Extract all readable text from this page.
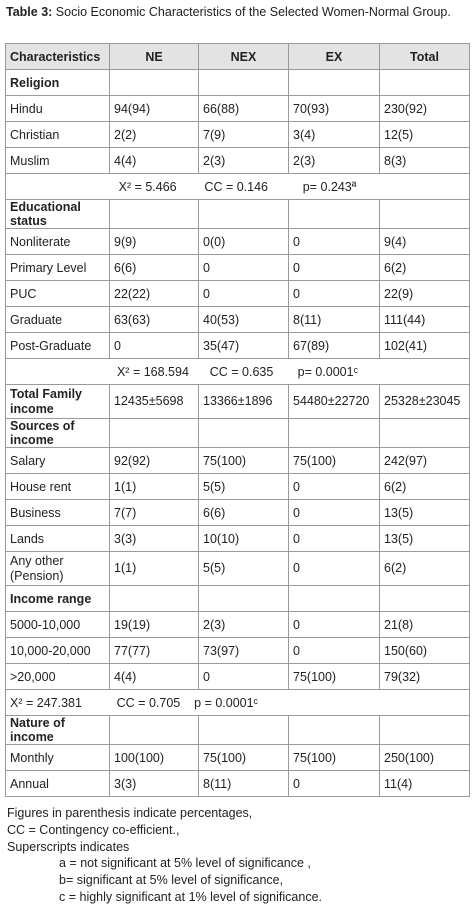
Table 3: Socio Economic Characteristics of the Selected Women-Normal Group.
Characteristics	NE	NEX	EX	Total
Religion				
Hindu	94(94)	66(88)	70(93)	230(92)
Christian	2(2)	7(9)	3(4)	12(5)
Muslim	4(4)	2(3)	2(3)	8(3)
X² = 5.466        CC = 0.146          p= 0.243ª				
Educational status				
Nonliterate	9(9)	0(0)	0	9(4)
Primary Level	6(6)	0	0	6(2)
PUC	22(22)	0	0	22(9)
Graduate	63(63)	40(53)	8(11)	111(44)
Post-Graduate	0	35(47)	67(89)	102(41)
X² = 168.594      CC = 0.635       p= 0.0001ᶜ				
Total Family income	12435±5698	13366±1896	54480±22720	25328±23045
Sources of income				
Salary	92(92)	75(100)	75(100)	242(97)
House rent	1(1)	5(5)	0	6(2)
Business	7(7)	6(6)	0	13(5)
Lands	3(3)	10(10)	0	13(5)
Any other (Pension)	1(1)	5(5)	0	6(2)
Income range				
5000-10,000	19(19)	2(3)	0	21(8)
10,000-20,000	77(77)	73(97)	0	150(60)
>20,000	4(4)	0	75(100)	79(32)
X² = 247.381          CC = 0.705    p = 0.0001ᶜ				
Nature of income				
Monthly	100(100)	75(100)	75(100)	250(100)
Annual	3(3)	8(11)	0	11(4)
Figures in parenthesis indicate percentages,
CC = Contingency co-efficient.,
Superscripts indicates
a = not significant at 5% level of significance ,
b= significant at 5% level of significance,
c = highly significant at 1% level of significance.
